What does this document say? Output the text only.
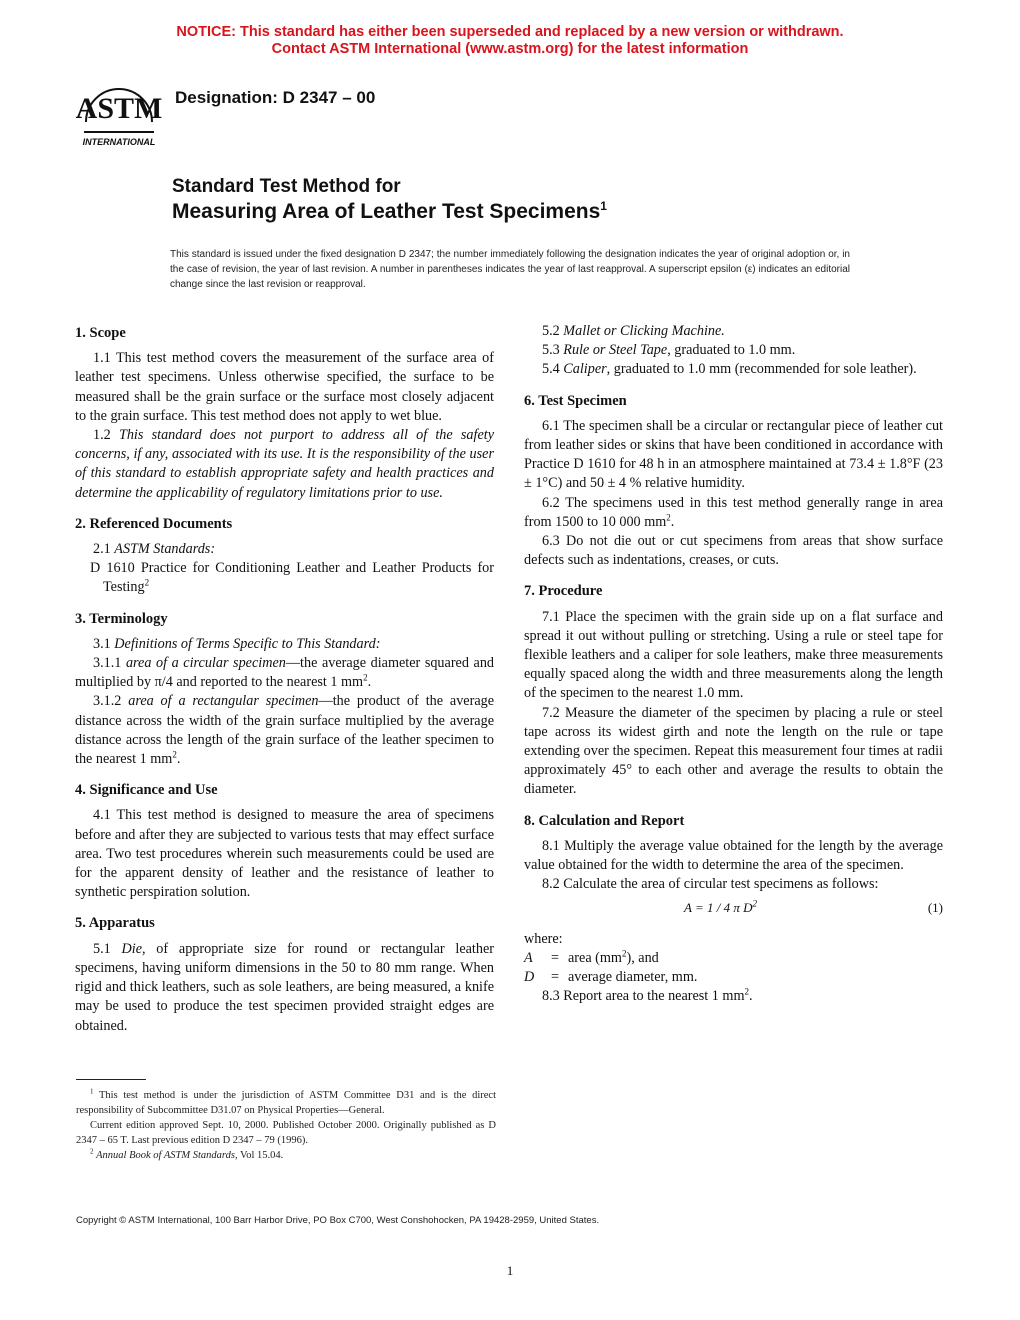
NOTICE: This standard has either been superseded and replaced by a new version or withdrawn.
Contact ASTM International (www.astm.org) for the latest information
ASTM
INTERNATIONAL
Designation: D 2347 – 00
Standard Test Method for
Measuring Area of Leather Test Specimens$^1$
This standard is issued under the fixed designation D 2347; the number immediately following the designation indicates the year of original adoption or, in the case of revision, the year of last revision. A number in parentheses indicates the year of last reapproval. A superscript epsilon (ε) indicates an editorial change since the last revision or reapproval.
1. Scope

1.1 This test method covers the measurement of the surface area of leather test specimens. Unless otherwise specified, the surface to be measured shall be the grain surface or the surface most closely adjacent to the grain surface. This test method does not apply to wet blue.

1.2 This standard does not purport to address all of the safety concerns, if any, associated with its use. It is the responsibility of the user of this standard to establish appropriate safety and health practices and determine the applicability of regulatory limitations prior to use.

2. Referenced Documents

2.1 ASTM Standards:

D 1610 Practice for Conditioning Leather and Leather Products for Testing$^2$

3. Terminology

3.1 Definitions of Terms Specific to This Standard:

3.1.1 area of a circular specimen—the average diameter squared and multiplied by π/4 and reported to the nearest 1 $mm^2$.

3.1.2 area of a rectangular specimen—the product of the average distance across the width of the grain surface multiplied by the average distance across the length of the grain surface of the leather specimen to the nearest 1 $mm^2$.

4. Significance and Use

4.1 This test method is designed to measure the area of specimens before and after they are subjected to various tests that may effect surface area. Two test procedures wherein such measurements could be used are for the apparent density of leather and the resistance of leather to synthetic perspiration solution.

5. Apparatus

5.1 Die, of appropriate size for round or rectangular leather specimens, having uniform dimensions in the 50 to 80 mm range. When rigid and thick leathers, such as sole leathers, are being measured, a knife may be used to produce the test specimen provided straight edges are obtained.

5.2 Mallet or Clicking Machine.

5.3 Rule or Steel Tape, graduated to 1.0 mm.

5.4 Caliper, graduated to 1.0 mm (recommended for sole leather).

6. Test Specimen

6.1 The specimen shall be a circular or rectangular piece of leather cut from leather sides or skins that have been conditioned in accordance with Practice D 1610 for 48 h in an atmosphere maintained at 73.4 ± 1.8°F (23 ± 1°C) and 50 ± 4 % relative humidity.

6.2 The specimens used in this test method generally range in area from 1500 to 10 000 $mm^2$.

6.3 Do not die out or cut specimens from areas that show surface defects such as indentations, creases, or cuts.

7. Procedure

7.1 Place the specimen with the grain side up on a flat surface and spread it out without pulling or stretching. Using a rule or steel tape for flexible leathers and a caliper for sole leathers, make three measurements equally spaced along the width and three measurements along the length of the specimen to the nearest 1.0 mm.

7.2 Measure the diameter of the specimen by placing a rule or steel tape across its widest girth and note the length on the rule or tape extending over the specimen. Repeat this measurement four times at radii approximately 45° to each other and average the results to obtain the diameter.

8. Calculation and Report

8.1 Multiply the average value obtained for the length by the average value obtained for the width to determine the area of the specimen.

8.2 Calculate the area of circular test specimens as follows:

A = 1 / 4 π $D^2$	(1)

where:

A	= area $(mm^2)$, and
D	= average diameter, mm.

8.3 Report area to the nearest 1 $mm^2$.

$^1$ This test method is under the jurisdiction of ASTM Committee D31 and is the direct responsibility of Subcommittee D31.07 on Physical Properties—General.

Current edition approved Sept. 10, 2000. Published October 2000. Originally published as D 2347 – 65 T. Last previous edition D 2347 – 79 (1996).

$^2$ Annual Book of ASTM Standards, Vol 15.04.

Copyright © ASTM International, 100 Barr Harbor Drive, PO Box C700, West Conshohocken, PA 19428-2959, United States.
1
